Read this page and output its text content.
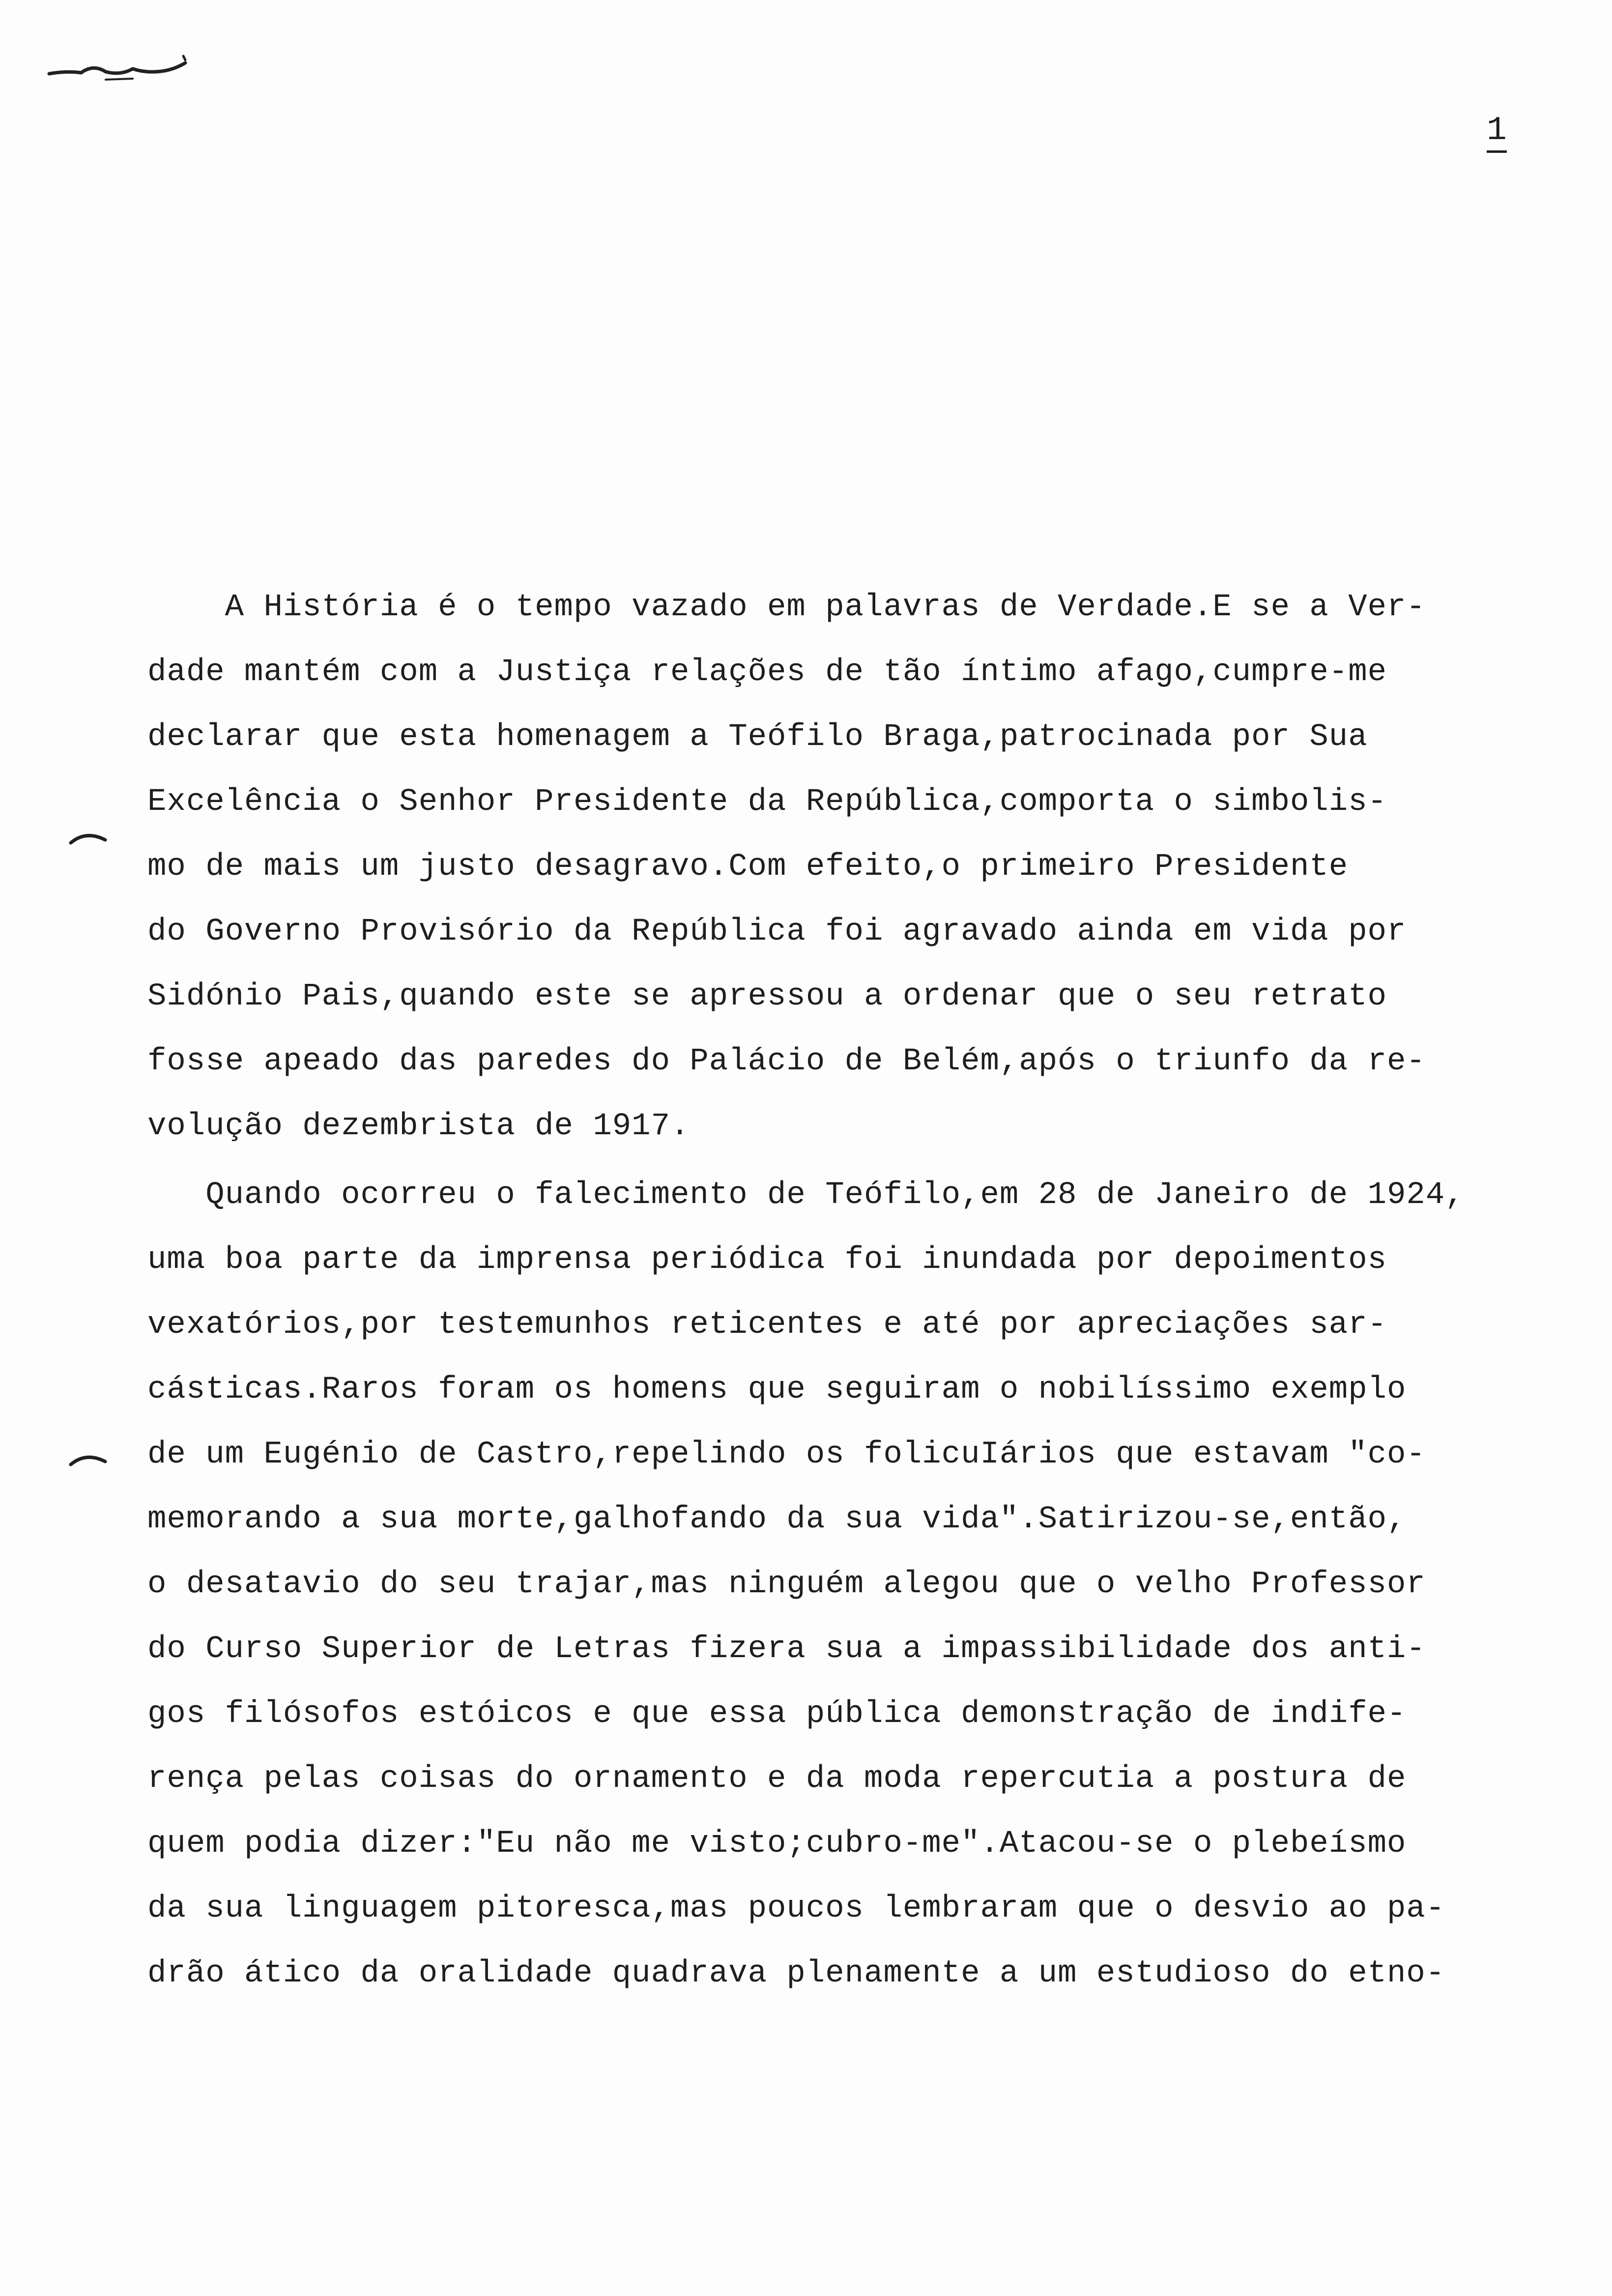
1
A História é o tempo vazado em palavras de Verdade.E se a Ver-
dade mantém com a Justiça relações de tão íntimo afago,cumpre-me
declarar que esta homenagem a Teófilo Braga,patrocinada por Sua
Excelência o Senhor Presidente da República,comporta o simbolis-
mo de mais um justo desagravo.Com efeito,o primeiro Presidente
do Governo Provisório da República foi agravado ainda em vida por
Sidónio Pais,quando este se apressou a ordenar que o seu retrato
fosse apeado das paredes do Palácio de Belém,após o triunfo da re-
volução dezembrista de 1917.
Quando ocorreu o falecimento de Teófilo,em 28 de Janeiro de 1924,
uma boa parte da imprensa periódica foi inundada por depoimentos
vexatórios,por testemunhos reticentes e até por apreciações sar-
cásticas.Raros foram os homens que seguiram o nobilíssimo exemplo
de um Eugénio de Castro,repelindo os folicuIários que estavam "co-
memorando a sua morte,galhofando da sua vida".Satirizou-se,então,
o desatavio do seu trajar,mas ninguém alegou que o velho Professor
do Curso Superior de Letras fizera sua a impassibilidade dos anti-
gos filósofos estóicos e que essa pública demonstração de indife-
rença pelas coisas do ornamento e da moda repercutia a postura de
quem podia dizer:"Eu não me visto;cubro-me".Atacou-se o plebeísmo
da sua linguagem pitoresca,mas poucos lembraram que o desvio ao pa-
drão ático da oralidade quadrava plenamente a um estudioso do etno-
